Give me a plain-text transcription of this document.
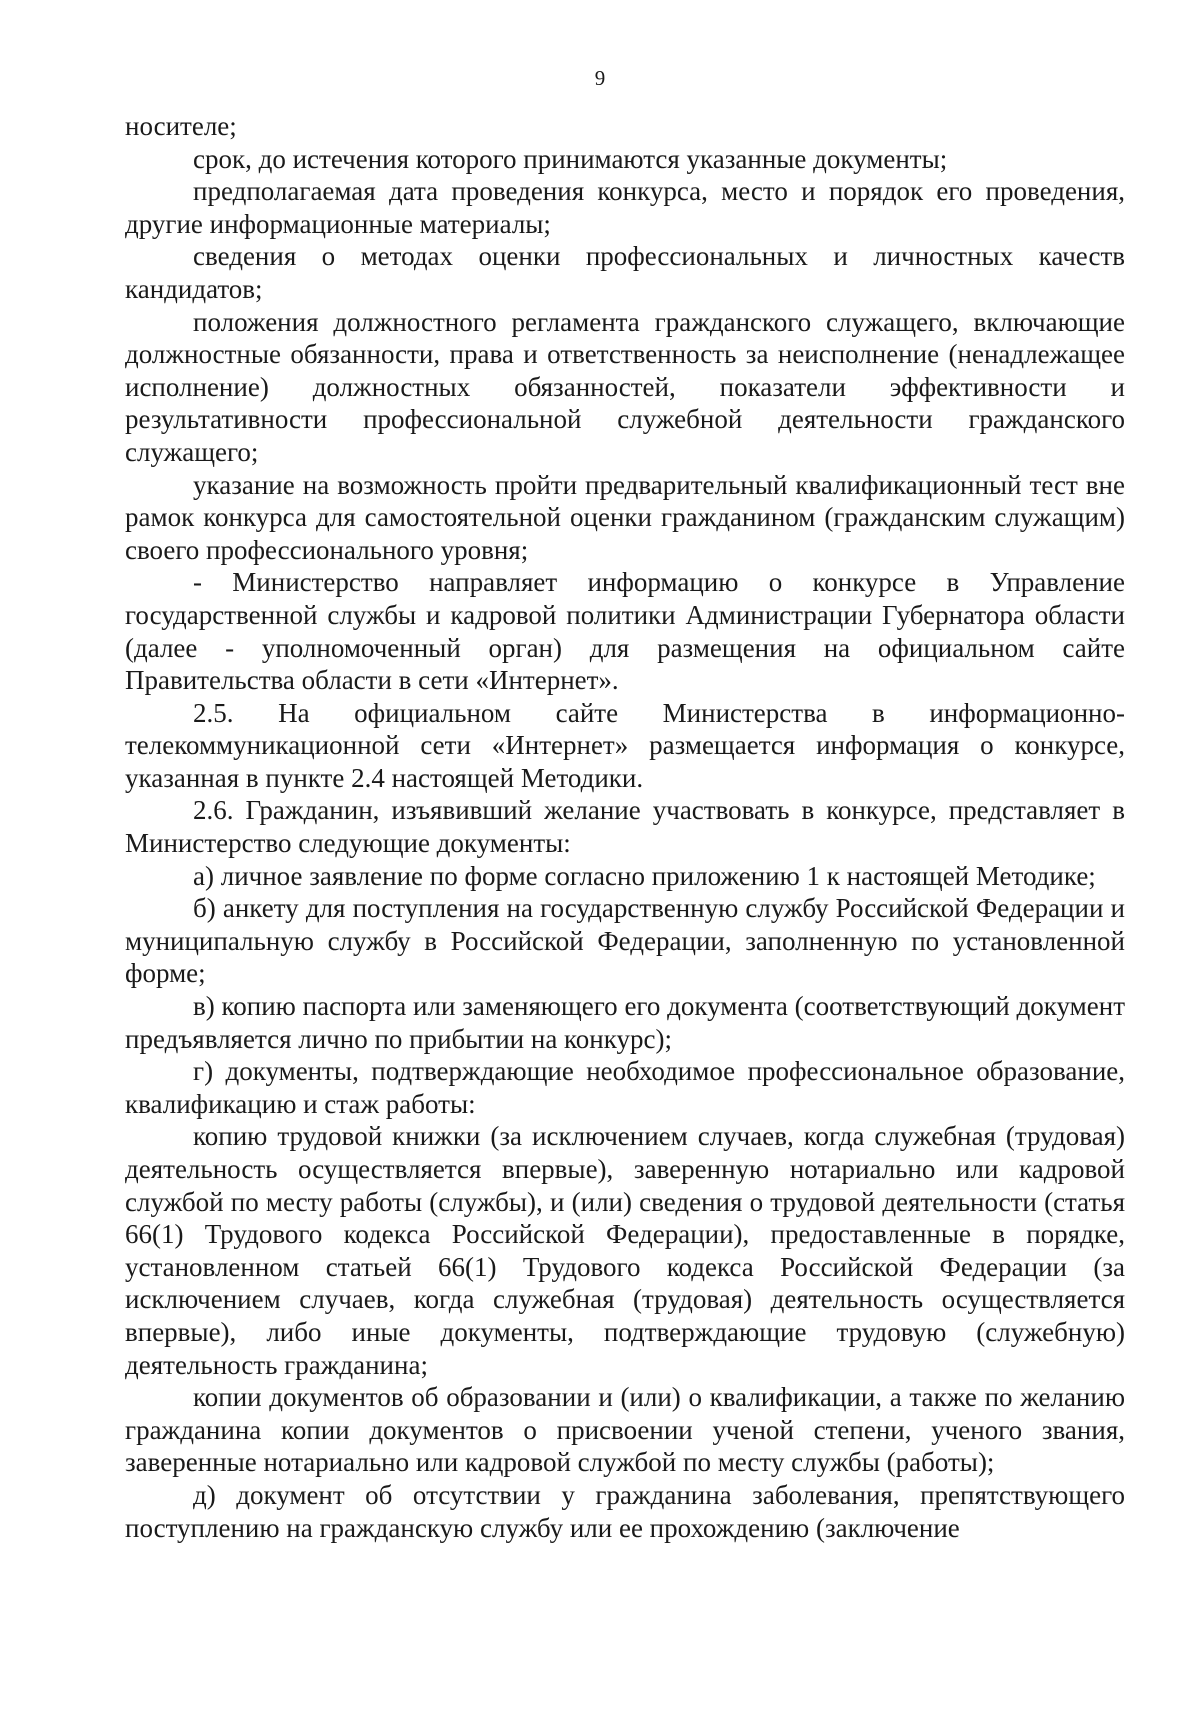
9

носителе;

срок, до истечения которого принимаются указанные документы;

предполагаемая дата проведения конкурса, место и порядок его проведения, другие информационные материалы;

сведения о методах оценки профессиональных и личностных качеств кандидатов;

положения должностного регламента гражданского служащего, включающие должностные обязанности, права и ответственность за неисполнение (ненадлежащее исполнение) должностных обязанностей, показатели эффективности и результативности профессиональной служебной деятельности гражданского служащего;

указание на возможность пройти предварительный квалификационный тест вне рамок конкурса для самостоятельной оценки гражданином (гражданским служащим) своего профессионального уровня;

- Министерство направляет информацию о конкурсе в Управление государственной службы и кадровой политики Администрации Губернатора области (далее - уполномоченный орган) для размещения на официальном сайте Правительства области в сети «Интернет».

2.5. На официальном сайте Министерства в информационно-телекоммуникационной сети «Интернет» размещается информация о конкурсе, указанная в пункте 2.4 настоящей Методики.

2.6. Гражданин, изъявивший желание участвовать в конкурсе, представляет в Министерство следующие документы:

а) личное заявление по форме согласно приложению 1 к настоящей Методике;

б) анкету для поступления на государственную службу Российской Федерации и муниципальную службу в Российской Федерации, заполненную по установленной форме;

в) копию паспорта или заменяющего его документа (соответствующий документ предъявляется лично по прибытии на конкурс);

г) документы, подтверждающие необходимое профессиональное образование, квалификацию и стаж работы:

копию трудовой книжки (за исключением случаев, когда служебная (трудовая) деятельность осуществляется впервые), заверенную нотариально или кадровой службой по месту работы (службы), и (или) сведения о трудовой деятельности (статья 66(1) Трудового кодекса Российской Федерации), предоставленные в порядке, установленном статьей 66(1) Трудового кодекса Российской Федерации (за исключением случаев, когда служебная (трудовая) деятельность осуществляется впервые), либо иные документы, подтверждающие трудовую (служебную) деятельность гражданина;

копии документов об образовании и (или) о квалификации, а также по желанию гражданина копии документов о присвоении ученой степени, ученого звания, заверенные нотариально или кадровой службой по месту службы (работы);

д) документ об отсутствии у гражданина заболевания, препятствующего поступлению на гражданскую службу или ее прохождению (заключение
